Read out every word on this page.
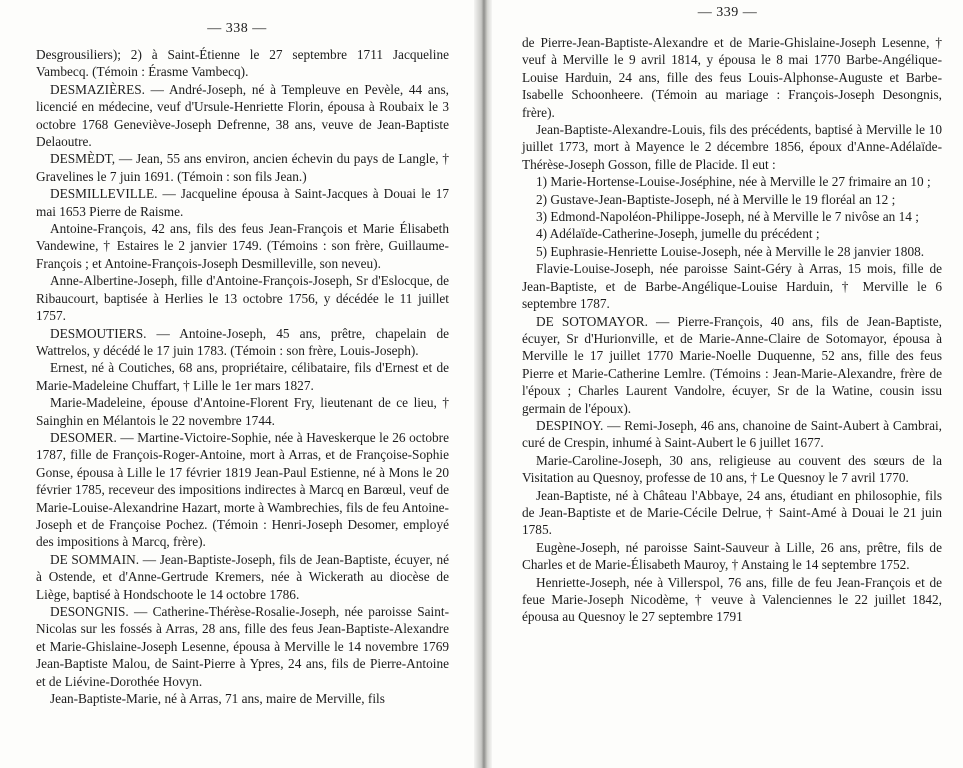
— 338 —

Desgrousiliers); 2) à Saint-Étienne le 27 septembre 1711 Jacqueline Vambecq. (Témoin : Érasme Vambecq).

DESMAZIÈRES. — André-Joseph, né à Templeuve en Pevèle, 44 ans, licencié en médecine, veuf d'Ursule-Henriette Florin, épousa à Roubaix le 3 octobre 1768 Geneviève-Joseph Defrenne, 38 ans, veuve de Jean-Baptiste Delaoutre.

DESMÈDT, — Jean, 55 ans environ, ancien échevin du pays de Langle, † Gravelines le 7 juin 1691. (Témoin : son fils Jean.)

DESMILLEVILLE. — Jacqueline épousa à Saint-Jacques à Douai le 17 mai 1653 Pierre de Raisme.

Antoine-François, 42 ans, fils des feus Jean-François et Marie Élisabeth Vandewine, † Estaires le 2 janvier 1749. (Témoins : son frère, Guillaume-François ; et Antoine-François-Joseph Desmilleville, son neveu).

Anne-Albertine-Joseph, fille d'Antoine-François-Joseph, Sr d'Eslocque, de Ribaucourt, baptisée à Herlies le 13 octobre 1756, y décédée le 11 juillet 1757.

DESMOUTIERS. — Antoine-Joseph, 45 ans, prêtre, chapelain de Wattrelos, y décédé le 17 juin 1783. (Témoin : son frère, Louis-Joseph).

Ernest, né à Coutiches, 68 ans, propriétaire, célibataire, fils d'Ernest et de Marie-Madeleine Chuffart, † Lille le 1er mars 1827.

Marie-Madeleine, épouse d'Antoine-Florent Fry, lieutenant de ce lieu, † Sainghin en Mélantois le 22 novembre 1744.

DESOMER. — Martine-Victoire-Sophie, née à Haveskerque le 26 octobre 1787, fille de François-Roger-Antoine, mort à Arras, et de Françoise-Sophie Gonse, épousa à Lille le 17 février 1819 Jean-Paul Estienne, né à Mons le 20 février 1785, receveur des impositions indirectes à Marcq en Barœul, veuf de Marie-Louise-Alexandrine Hazart, morte à Wambrechies, fils de feu Antoine-Joseph et de Françoise Pochez. (Témoin : Henri-Joseph Desomer, employé des impositions à Marcq, frère).

DE SOMMAIN. — Jean-Baptiste-Joseph, fils de Jean-Baptiste, écuyer, né à Ostende, et d'Anne-Gertrude Kremers, née à Wickerath au diocèse de Liège, baptisé à Hondschoote le 14 octobre 1786.

DESONGNIS. — Catherine-Thérèse-Rosalie-Joseph, née paroisse Saint-Nicolas sur les fossés à Arras, 28 ans, fille des feus Jean-Baptiste-Alexandre et Marie-Ghislaine-Joseph Lesenne, épousa à Merville le 14 novembre 1769 Jean-Baptiste Malou, de Saint-Pierre à Ypres, 24 ans, fils de Pierre-Antoine et de Liévine-Dorothée Hovyn.

Jean-Baptiste-Marie, né à Arras, 71 ans, maire de Merville, fils

— 339 —

de Pierre-Jean-Baptiste-Alexandre et de Marie-Ghislaine-Joseph Lesenne, † veuf à Merville le 9 avril 1814, y épousa le 8 mai 1770 Barbe-Angélique-Louise Harduin, 24 ans, fille des feus Louis-Alphonse-Auguste et Barbe-Isabelle Schoonheere. (Témoin au mariage : François-Joseph Desongnis, frère).

Jean-Baptiste-Alexandre-Louis, fils des précédents, baptisé à Merville le 10 juillet 1773, mort à Mayence le 2 décembre 1856, époux d'Anne-Adélaïde-Thérèse-Joseph Gosson, fille de Placide. Il eut :

1) Marie-Hortense-Louise-Joséphine, née à Merville le 27 frimaire an 10 ;

2) Gustave-Jean-Baptiste-Joseph, né à Merville le 19 floréal an 12 ;

3) Edmond-Napoléon-Philippe-Joseph, né à Merville le 7 nivôse an 14 ;

4) Adélaïde-Catherine-Joseph, jumelle du précédent ;

5) Euphrasie-Henriette Louise-Joseph, née à Merville le 28 janvier 1808.

Flavie-Louise-Joseph, née paroisse Saint-Géry à Arras, 15 mois, fille de Jean-Baptiste, et de Barbe-Angélique-Louise Harduin, † Merville le 6 septembre 1787.

DE SOTOMAYOR. — Pierre-François, 40 ans, fils de Jean-Baptiste, écuyer, Sr d'Hurionville, et de Marie-Anne-Claire de Sotomayor, épousa à Merville le 17 juillet 1770 Marie-Noelle Duquenne, 52 ans, fille des feus Pierre et Marie-Catherine Lemlre. (Témoins : Jean-Marie-Alexandre, frère de l'époux ; Charles Laurent Vandolre, écuyer, Sr de la Watine, cousin issu germain de l'époux).

DESPINOY. — Remi-Joseph, 46 ans, chanoine de Saint-Aubert à Cambrai, curé de Crespin, inhumé à Saint-Aubert le 6 juillet 1677.

Marie-Caroline-Joseph, 30 ans, religieuse au couvent des sœurs de la Visitation au Quesnoy, professe de 10 ans, † Le Quesnoy le 7 avril 1770.

Jean-Baptiste, né à Château l'Abbaye, 24 ans, étudiant en philosophie, fils de Jean-Baptiste et de Marie-Cécile Delrue, † Saint-Amé à Douai le 21 juin 1785.

Eugène-Joseph, né paroisse Saint-Sauveur à Lille, 26 ans, prêtre, fils de Charles et de Marie-Élisabeth Mauroy, † Anstaing le 14 septembre 1752.

Henriette-Joseph, née à Villerspol, 76 ans, fille de feu Jean-François et de feue Marie-Joseph Nicodème, † veuve à Valenciennes le 22 juillet 1842, épousa au Quesnoy le 27 septembre 1791
